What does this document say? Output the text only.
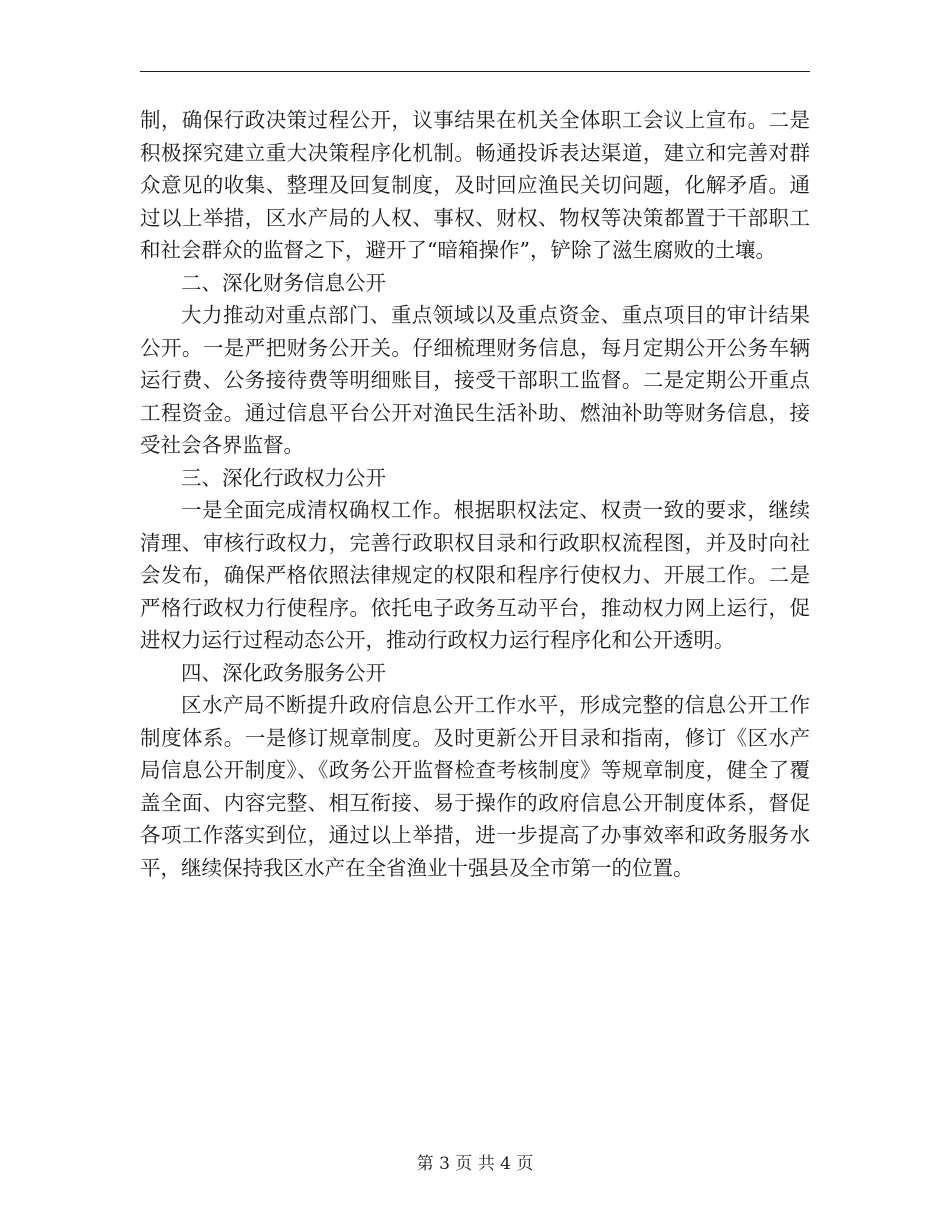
制，确保行政决策过程公开，议事结果在机关全体职工会议上宣布。二是积极探究建立重大决策程序化机制。畅通投诉表达渠道，建立和完善对群众意见的收集、整理及回复制度，及时回应渔民关切问题，化解矛盾。通过以上举措，区水产局的人权、事权、财权、物权等决策都置于干部职工和社会群众的监督之下，避开了“暗箱操作”，铲除了滋生腐败的土壤。

二、深化财务信息公开

大力推动对重点部门、重点领域以及重点资金、重点项目的审计结果公开。一是严把财务公开关。仔细梳理财务信息，每月定期公开公务车辆运行费、公务接待费等明细账目，接受干部职工监督。二是定期公开重点工程资金。通过信息平台公开对渔民生活补助、燃油补助等财务信息，接受社会各界监督。

三、深化行政权力公开

一是全面完成清权确权工作。根据职权法定、权责一致的要求，继续清理、审核行政权力，完善行政职权目录和行政职权流程图，并及时向社会发布，确保严格依照法律规定的权限和程序行使权力、开展工作。二是严格行政权力行使程序。依托电子政务互动平台，推动权力网上运行，促进权力运行过程动态公开，推动行政权力运行程序化和公开透明。

四、深化政务服务公开

区水产局不断提升政府信息公开工作水平，形成完整的信息公开工作制度体系。一是修订规章制度。及时更新公开目录和指南，修订《区水产局信息公开制度》、《政务公开监督检查考核制度》等规章制度，健全了覆盖全面、内容完整、相互衔接、易于操作的政府信息公开制度体系，督促各项工作落实到位，通过以上举措，进一步提高了办事效率和政务服务水平，继续保持我区水产在全省渔业十强县及全市第一的位置。

第 3 页 共 4 页
